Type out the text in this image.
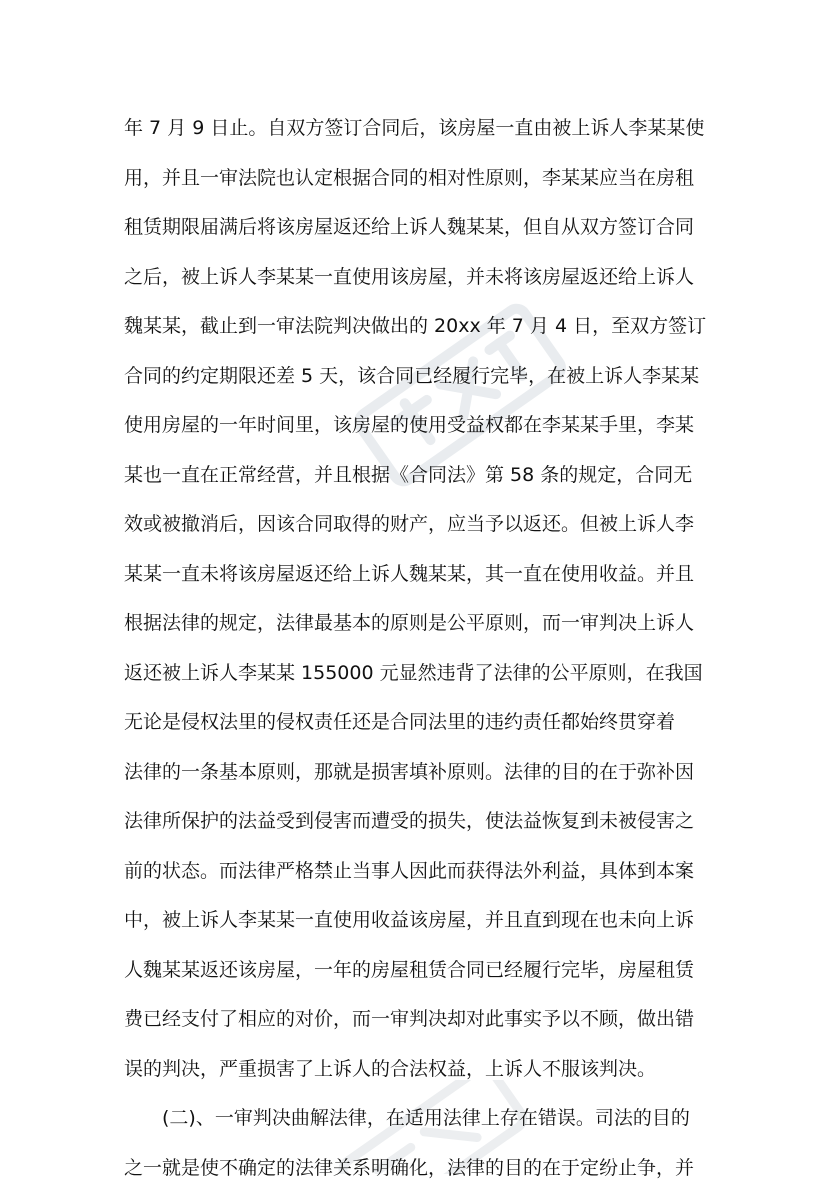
年 7 月 9 日止。自双方签订合同后，该房屋一直由被上诉人李某某使
用，并且一审法院也认定根据合同的相对性原则，李某某应当在房租
租赁期限届满后将该房屋返还给上诉人魏某某，但自从双方签订合同
之后，被上诉人李某某一直使用该房屋，并未将该房屋返还给上诉人
魏某某，截止到一审法院判决做出的 20xx 年 7 月 4 日，至双方签订
合同的约定期限还差 5 天，该合同已经履行完毕，在被上诉人李某某
使用房屋的一年时间里，该房屋的使用受益权都在李某某手里，李某
某也一直在正常经营，并且根据《合同法》第 58 条的规定，合同无
效或被撤消后，因该合同取得的财产，应当予以返还。但被上诉人李
某某一直未将该房屋返还给上诉人魏某某，其一直在使用收益。并且
根据法律的规定，法律最基本的原则是公平原则，而一审判决上诉人
返还被上诉人李某某 155000 元显然违背了法律的公平原则，在我国
无论是侵权法里的侵权责任还是合同法里的违约责任都始终贯穿着
法律的一条基本原则，那就是损害填补原则。法律的目的在于弥补因
法律所保护的法益受到侵害而遭受的损失，使法益恢复到未被侵害之
前的状态。而法律严格禁止当事人因此而获得法外利益，具体到本案
中，被上诉人李某某一直使用收益该房屋，并且直到现在也未向上诉
人魏某某返还该房屋，一年的房屋租赁合同已经履行完毕，房屋租赁
费已经支付了相应的对价，而一审判决却对此事实予以不顾，做出错
误的判决，严重损害了上诉人的合法权益，上诉人不服该判决。
(二)、一审判决曲解法律，在适用法律上存在错误。司法的目的
之一就是使不确定的法律关系明确化，法律的目的在于定纷止争，并
